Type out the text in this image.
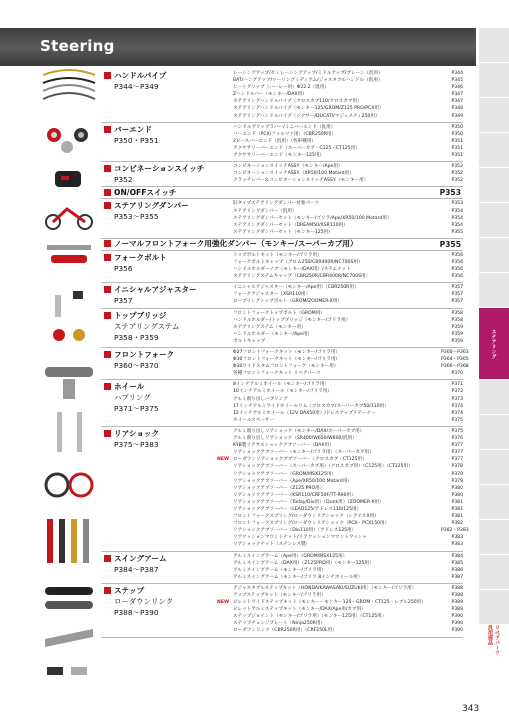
Steering
ハンドルパイプ
P344〜P349
レーシングアップ/セミレーシングアップ/ミドルアップ/ブレーン（汎用）	P344
BAT/ハングアップ/ツーリングミディアム/ジャスタブルハンドル（汎用）	P345
ヒートグリップ（ハーレー用）Φ22.2（汎用）	P346
Zハンドルバー（モンキー/DAX用）	P347
ステアリングハンドルパイプ（クロスカブ110/クロスカブ用）	P347
ステアリングハンドルパイプ（モンキー125/GROM/Z125 PRO/PCX用）	P348
ステアリングハンドルパイプ（ジクサー/DUCATI/マジェスティ250用）	P349
バーエンド
P350・P351
ハンドルグリップラバー/ミニバーエンド（汎用）	P350
バーエンド（PCX/フォルツァ用）（CBR250R用）	P350
2ピースバーエンド（汎用）（各車種用）	P351
アクセサリーバーエンド（スーパーカブ・C125・CT125用）	P351
アクセサリーバーエンド（モンキー125用）	P351
コンビネーションスイッチ
P352
コンビネーションスイッチASSY.（モンキー/Ape用）	P352
コンビネーションスイッチASSY.（XR50/100 Motard用）	P352
クラッチレバー＆コンビネーションスイッチASSY.（モンキー用）	P352
ON/OFFスイッチ	P353
ステアリングダンパー
P353〜P355
旧タイプステアリングダンパー対象パーツ	P353
ステアリングダンパー（汎用）	P354
ステアリングダンパーセット（モンキー/ゴリラ/Ape/XR50/100 Motard用）	P354
ステアリングダンパーセット（DREAM50/XSR110用）	P354
ステアリングダンパーセット（モンキー125用）	P355
ノーマルフロントフォーク用強化ダンパー（モンキー/スーパーカブ用）	P355
フォークボルト
P356
トップボルトキット（モンキー/ゴリラ用）	P356
フォークボルトキャップ（グロム250/CBR400R/NC700S用）	P356
ハンドルホルダーノブ（モンキー/DAX用）/ステムナット	P356
ステアリングステムキャップ（CBR250R/CBR400R/NC700S用）	P356
イニシャルアジャスター
P357
イニシャルアジャスター（モンキー/Ape用）（CBR250R用）	P357
フォークアジャスター（XSR110用）	P357
ロープリングトップボルト（GROM/ZOOMER-X用）	P357
トップブリッジ
ステアリングステム
P358・P359
フロントフォークトップボルト（GROM用）	P358
ハンドルホルダー/トップブリッジ（モンキー/ゴリラ用）	P358
ステアリングステム（モンキー用）	P359
ハンドルホルダー（モンキー/Ape用）	P359
ボルトキャップ	P359
フロントフォーク
P360〜P370
Φ27フロントフォークキット（モンキー/ゴリラ用）	P360〜P363
Φ30フロントフォークキット（モンキー/ゴリラ用）	P364・P365
Φ30ワイドスタムフロントフォーク（モンキー用）	P366〜P368
各種フロントフォークキット リペアパーツ	P370
ホイール
ハブリング
P371〜P375
8インチアルミホイール（モンキー/ゴリラ用）	P371
10インチアルミホイール（モンキー/ゴリラ用）	P372
アルミ削り出しハブリング	P373
17インチアルミワイドホイールリム（クロスカブ/スーパーカブ50/110用）	P374
12インチアルミホイール（12V DAX50用）/ドレスアップリテーナー	P374
ホイールスペーサー	P375
リアショック
P375〜P383
アルミ削り出しリアショック（モンキー/DAX/スーパーカブ用）	P375
アルミ削り出しリアショック（SR400/W650/W800/汎用）	P376
KYB製リアサスショックアブソーバー（DAX用）	P377
リアショックアブソーバー（モンキー/ゴリラ用）（スーパーカブ用）	P377
NEW ローダウンリアショックアブソーバー（クロスカブ・CT125用）	P377
リアショックアブソーバー（スーパーカブ用）（クロスカブ用）（C125用）（CT125用）	P378
リアショックアブソーバー（GROM/MSX125用）	P379
リアショックアブソーバー（Ape/XR50/100 Motard用）	P379
リアショックアブソーバー（Z125 PRO用）	P380
リアショックアブソーバー（KSR110/CRF50F/TT-R90用）	P380
リアショックアブソーバー（Today/Dio用）（Dunk用）（ZOOMER-X用）	P381
リアショックアブソーバー（LEAD125/アドレス110/125用）	P381
フロントフォークスプリング/ローダウンリアショック（シグナスX用）	P381
フロントフォークスプリング/ローダウンリアショック（PCX・PCX150用）	P382
リアショックアブソーバー（Dio110用）（アドレス125用）	P382・P383
リアクッションマウントナット/リアクッションマウントワッシャ	P383
リアショックナット（ステンレス製）	P383
スイングアーム
P384〜P387
アルミスイングアーム（Ape用）（GROM/MSX125用）	P384
アルミスイングアーム（DAX用）（Z125PRO用）（モンキー125用）	P385
アルミスイングアーム（モンキー/ゴリラ用）	P386
アルミスイングアーム（モンキー/ゴリラ 8インチホイール用）	P387
ステップ
ローダウンリンク
P388〜P390
アジャスタブルステップキット（HONDA/KAWASAKI/SUZUKI用）（モンキー/ゴリラ用）	P388
アップステップキット（モンキー/ゴリラ用）	P388
NEW ピレットワイドステップキット（モンキー・モンキー125・GROM・CT125・レブル250用）	P389
ピレットアルミステップキット（モンキー/DAX/Ape用/カブ用）	P389
ステップジョイント（モンキー/ゴリラ用）（モンキー125用）（CT125用）	P390
ステップチェンジプレート（Ninja250R用）	P390
ローダウンリンク（CBR250R用）（CRF250L用）	P390
ステアリング
リペアパーツ 汎用部品
343
